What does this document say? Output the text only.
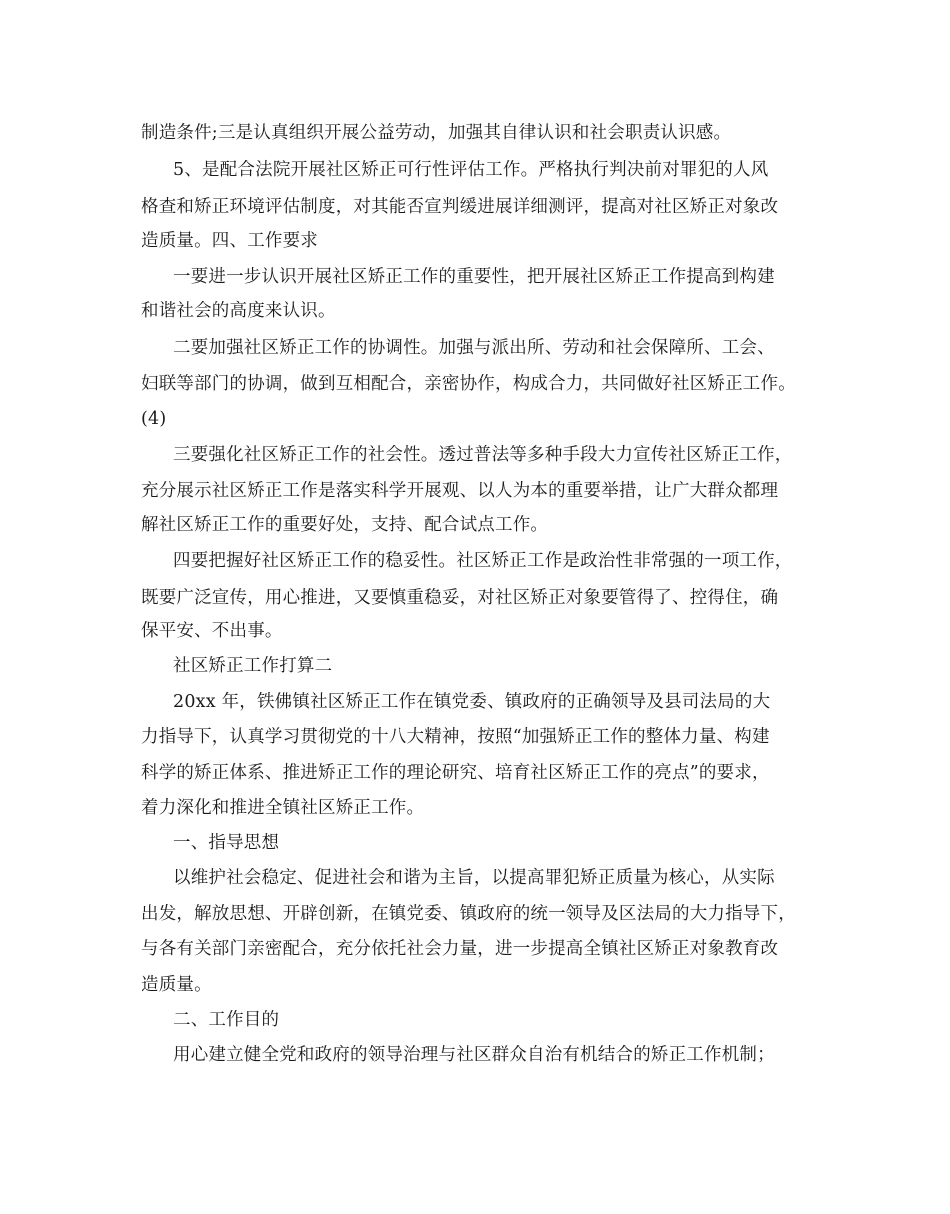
制造条件;三是认真组织开展公益劳动，加强其自律认识和社会职责认识感。
5、是配合法院开展社区矫正可行性评估工作。严格执行判决前对罪犯的人风
格查和矫正环境评估制度，对其能否宣判缓进展详细测评，提高对社区矫正对象改
造质量。四、工作要求
一要进一步认识开展社区矫正工作的重要性，把开展社区矫正工作提高到构建
和谐社会的高度来认识。
二要加强社区矫正工作的协调性。加强与派出所、劳动和社会保障所、工会、
妇联等部门的协调，做到互相配合，亲密协作，构成合力，共同做好社区矫正工作。
(4)
三要强化社区矫正工作的社会性。透过普法等多种手段大力宣传社区矫正工作，
充分展示社区矫正工作是落实科学开展观、以人为本的重要举措，让广大群众都理
解社区矫正工作的重要好处，支持、配合试点工作。
四要把握好社区矫正工作的稳妥性。社区矫正工作是政治性非常强的一项工作，
既要广泛宣传，用心推进，又要慎重稳妥，对社区矫正对象要管得了、控得住，确
保平安、不出事。
社区矫正工作打算二
20xx 年，铁佛镇社区矫正工作在镇党委、镇政府的正确领导及县司法局的大
力指导下，认真学习贯彻党的十八大精神，按照“加强矫正工作的整体力量、构建
科学的矫正体系、推进矫正工作的理论研究、培育社区矫正工作的亮点”的要求，
着力深化和推进全镇社区矫正工作。
一、指导思想
以维护社会稳定、促进社会和谐为主旨，以提高罪犯矫正质量为核心，从实际
出发，解放思想、开辟创新，在镇党委、镇政府的统一领导及区法局的大力指导下，
与各有关部门亲密配合，充分依托社会力量，进一步提高全镇社区矫正对象教育改
造质量。
二、工作目的
用心建立健全党和政府的领导治理与社区群众自治有机结合的矫正工作机制；
